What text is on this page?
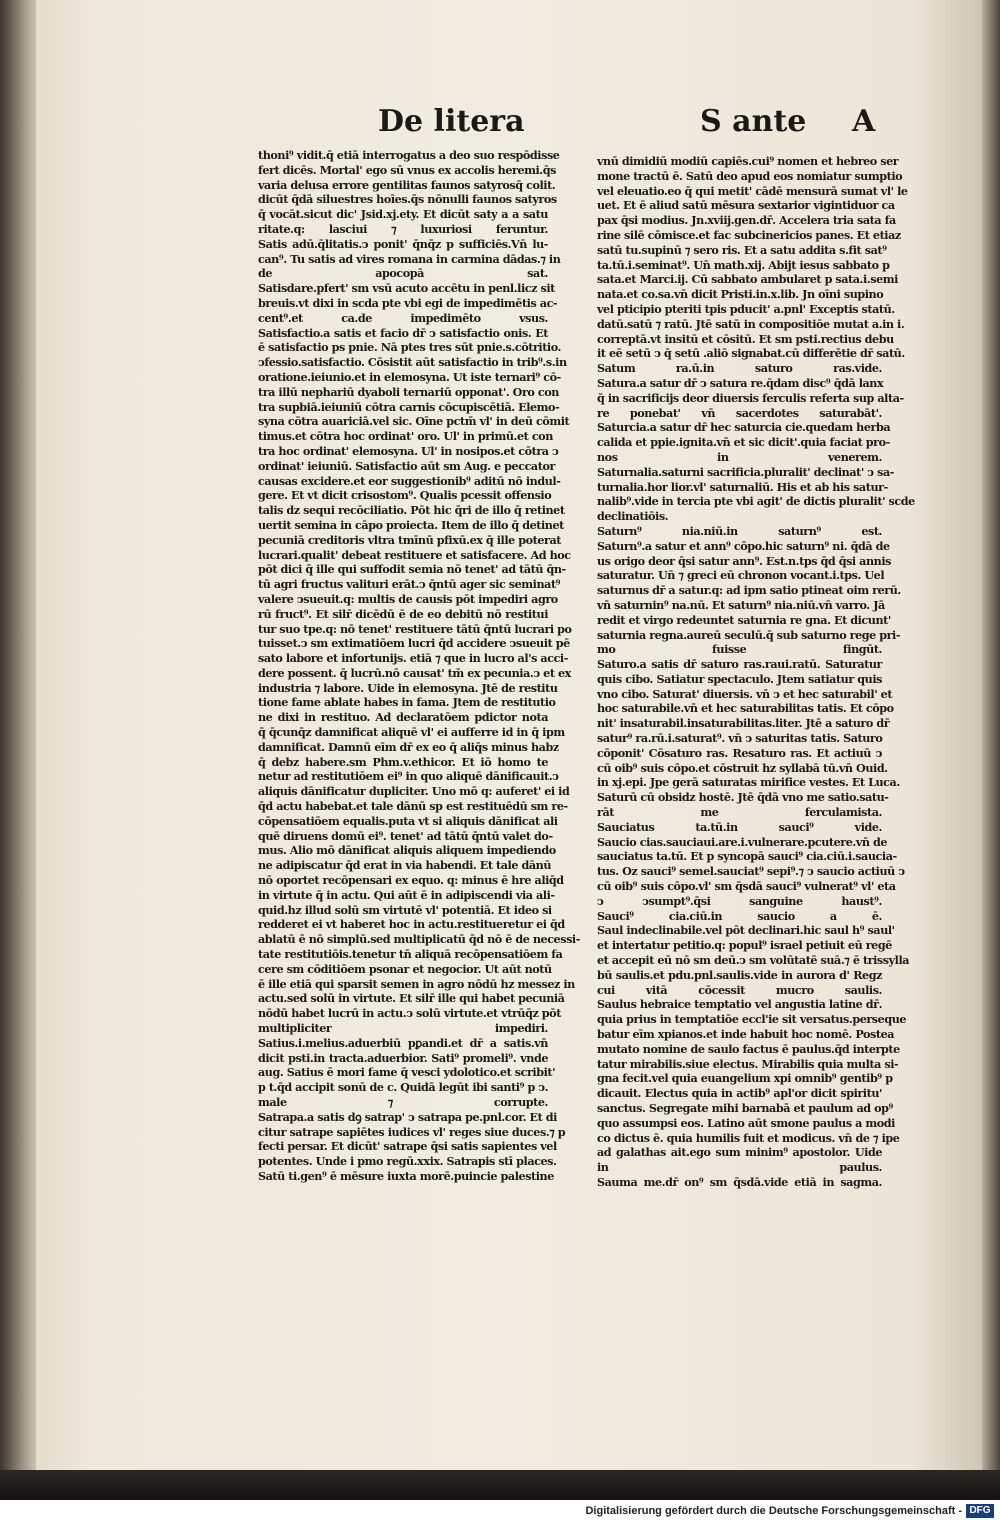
De litera	S ante A
thoni⁹ vidit.q̄ etiā interrogatus a deo suo respōdisse
fert dicēs. Mortal' ego sū vnus ex accolis heremi.q̄s
varia delusa errore gentilitas faunos satyrosq̄ colit.
dicūt q̄dā siluestres hoīes.q̄s nōnulli faunos satyros
q̄ vocāt.sicut dic' Jsid.xj.ety. Et dicūt saty a a satu
ritate.q: lasciui ⁊ luxuriosi feruntur.
Satis adū.q̄litatis.ↄ ponit' q̄nq̄z p sufficiēs.Vn̄ lu-
can⁹. Tu satis ad vires romana in carmina dādas.⁊ in
de apocopā sat.
Satisdare.pfert' sm vsū acuto accētu in penl.licz sit
breuis.vt dixi in scda pte vbi egi de impedimētis ac-
cent⁹.et ca.de impedimēto vsus.
Satisfactio.a satis et facio dr̄ ↄ satisfactio onis. Et
ē satisfactio ps pnie. Nā ptes tres sūt pnie.s.cōtritio.
ↄfessio.satisfactio. Cōsistit aūt satisfactio in trib⁹.s.in
oratione.ieiunio.et in elemosyna. Ut iste ternari⁹ cō-
tra illū nephariū dyaboli ternariū opponat'. Oro con
tra supbiā.ieiuniū cōtra carnis cōcupiscētiā. Elemo-
syna cōtra auariciā.vel sic. Oīne pctm̄ vl' in deū cōmit
timus.et cōtra hoc ordinat' oro. Ul' in primū.et con
tra hoc ordinat' elemosyna. Ul' in nosipos.et cōtra ↄ
ordinat' ieiuniū. Satisfactio aūt sm Aug. e peccator
causas excidere.et eor suggestionib⁹ aditū nō indul-
gere. Et vt dicit crisostom⁹. Qualis pcessit offensio
talis dz sequi recōciliatio. Pōt hic q̄ri de illo q̄ retinet
uertit semina in cāpo proiecta. Item de illo q̄ detinet
pecuniā creditoris vltra tmīnū pfixū.ex q̄ ille poterat
lucrari.qualit' debeat restituere et satisfacere. Ad hoc
pōt dici q̄ ille qui suffodit semia nō tenet' ad tātū q̄n-
tū agri fructus valituri erāt.ↄ q̄ntū ager sic seminat⁹
valere ↄsueuit.q: multis de causis pōt impediri agro
rū fruct⁹. Et silr̄ dicēdū ē de eo debitū nō restitui
tur suo tpe.q: nō tenet' restituere tātū q̄ntū lucrari po
tuisset.ↄ sm extimatiōem lucri q̄d accidere ↄsueuit pē
sato labore et infortunijs. etiā ⁊ que in lucro al's acci-
dere possent. q̄ lucrū.nō causat' tm̄ ex pecunia.ↄ et ex
industria ⁊ labore. Uide in elemosyna. Jtē de restitu
tione fame ablate habes in fama. Jtem de restitutio
ne dixi in restituo. Ad declaratōem pdictor nota
q̄ q̄cunq̄z damnificat aliquē vl' ei aufferre id in q̄ ipm
damnificat. Damnū eīm dr̄ ex eo q̄ aliq̄s minus habz
q̄ debz habere.sm Phm.v.ethicor. Et iō homo te
netur ad restitutiōem ei⁹ in quo aliquē dānificauit.ↄ
aliquis dānificatur dupliciter. Uno mō q: auferet' ei id
q̄d actu habebat.et tale dānū sp est restituēdū sm re-
cōpensatiōem equalis.puta vt si aliquis dānificat ali
quē diruens domū ei⁹. tenet' ad tātū q̄ntū valet do-
mus. Alio mō dānificat aliquis aliquem impediendo
ne adipiscatur q̄d erat in via habendi. Et tale dānū
nō oportet recōpensari ex equo. q: minus ē hre aliq̄d
in virtute q̄ in actu. Qui aūt ē in adipiscendi via ali-
quid.hz illud solū sm virtutē vl' potentiā. Et ideo si
redderet ei vt haberet hoc in actu.restitueretur ei q̄d
ablatū ē nō simplū.sed multiplicatū q̄d nō ē de necessi-
tate restitutiōis.tenetur tn̄ aliquā recōpensatiōem fa
cere sm cōditiōem psonar et negocior. Ut aūt notū
ē ille etiā qui sparsit semen in agro nōdū hz messez in
actu.sed solū in virtute. Et silr̄ ille qui habet pecuniā
nōdū habet lucrū in actu.ↄ solū virtute.et vtrūq̄z pōt
multipliciter impediri.
Satius.i.melius.aduerbiū pꝑandi.et dr̄ a satis.vn̄
dicit psti.in tracta.aduerbior. Sati⁹ promeli⁹. vnde
aug. Satius ē mori fame q̄ vesci ydolotico.et scribit'
p t.q̄d accipit sonū de c. Quidā legūt ibi santi⁹ p ↄ.
male ⁊ corrupte.
Satrapa.a satis dꝯ satrap' ↄ satrapa pe.pnl.cor. Et di
citur satrape sapiētes iudices vl' reges siue duces.⁊ p
fecti persar. Et dicūt' satrape q̄si satis sapientes vel
potentes. Unde i pmo regū.xxix. Satrapis stī places.
Satū ti.gen⁹ ē mēsure iuxta morē.puincie palestine
vnū dimidiū modiū capiēs.cui⁹ nomen et hebreo ser
mone tractū ē. Satū deo apud eos nomiatur sumptio
vel eleuatio.eo q̄ qui metit' cādē mensurā sumat vl' le
uet. Et ē aliud satū mēsura sextarior vigintiduor ca
pax q̄si modius. Jn.xviij.gen.dr̄. Accelera tria sata fa
rine silē cōmisce.et fac subcinericios panes. Et etiaz
satū tu.supinū ⁊ sero ris. Et a satu addita s.fit sat⁹
ta.tū.i.seminat⁹. Un̄ math.xij. Abijt iesus sabbato p
sata.et Marci.ij. Cū sabbato ambularet p sata.i.semi
nata.et co.sa.vn̄ dicit Pristi.in.x.lib. Jn oīni supino
vel pticipio pteriti tpis pducit' a.pnl' Exceptis statū.
datū.satū ⁊ ratū. Jtē satū in compositiōe mutat a.in i.
correptā.vt insitū et cōsitū. Et sm psti.rectius debu
it eē setū ↄ q̄ setū .aliō signabat.cū differētie dr̄ satū.
Satum ra.ū.in saturo ras.vide.
Satura.a satur dr̄ ↄ satura re.q̄dam disc⁹ q̄dā lanx
q̄ in sacrificijs deor diuersis ferculis referta sup alta-
re ponebat' vn̄ sacerdotes saturabāt'.
Saturcia.a satur dr̄ hec saturcia cie.quedam herba
calida et ppie.ignita.vn̄ et sic dicit'.quia faciat pro-
nos in venerem.
Saturnalia.saturni sacrificia.pluralit' declinat' ↄ sa-
turnalia.hor lior.vl' saturnaliū. His et ab his satur-
nalib⁹.vide in tercia pte vbi agit' de dictis pluralit' scde
declinatiōis.
Saturn⁹ nia.niū.in saturn⁹ est.
Saturn⁹.a satur et ann⁹ cōpo.hic saturn⁹ ni. q̄dā de
us origo deor q̄si satur ann⁹. Est.n.tps q̄d q̄si annis
saturatur. Un̄ ⁊ greci eū chronon vocant.i.tps. Uel
saturnus dr̄ a satur.q: ad ipm satio ptineat oim rerū.
vn̄ saturnin⁹ na.nū. Et saturn⁹ nia.niū.vn̄ varro. Jā
redit et virgo redeuntet saturnia re gna. Et dicunt'
saturnia regna.aureū seculū.q̄ sub saturno rege pri-
mo fuisse fingūt.
Saturo.a satis dr̄ saturo ras.raui.ratū. Saturatur
quis cibo. Satiatur spectaculo. Jtem satiatur quis
vno cibo. Saturat' diuersis. vn̄ ↄ et hec saturabil' et
hoc saturabile.vn̄ et hec saturabilitas tatis. Et cōpo
nit' insaturabil.insaturabilitas.liter. Jtē a saturo dr̄
satur⁹ ra.rū.i.saturat⁹. vn̄ ↄ saturitas tatis. Saturo
cōponit' Cōsaturo ras. Resaturo ras. Et actiuū ↄ
cū oib⁹ suis cōpo.et cōstruit hz syllabā tū.vn̄ Ouid.
in xj.epi. Jpe gerā saturatas mirifice vestes. Et Luca.
Saturū cū obsidz hostē. Jtē q̄dā vno me satio.satu-
rāt me ferculamista.
Sauciatus ta.tū.in sauci⁹ vide.
Saucio cias.sauciaui.are.i.vulnerare.pcutere.vn̄ de
sauciatus ta.tū. Et p syncopā sauci⁹ cia.ciū.i.saucia-
tus. Oz sauci⁹ semel.sauciat⁹ sepi⁹.⁊ ↄ saucio actiuū ↄ
cū oib⁹ suis cōpo.vl' sm q̄sdā sauci⁹ vulnerat⁹ vl' eta
ↄ ↄsumpt⁹.q̄si sanguine haust⁹.
Sauci⁹ cia.ciū.in saucio a ē.
Saul indeclinabile.vel pōt declinari.hic saul h⁹ saul'
et intertatur petitio.q: popul⁹ israel petiuit eū regē
et accepit eū nō sm deū.ↄ sm volūtatē suā.⁊ ē trissylla
bū saulis.et pdu.pnl.saulis.vide in aurora d' Regz
cui vitā cōcessit mucro saulis.
Saulus hebraice temptatio vel angustia latine dr̄.
quia prius in temptatiōe eccl'ie sit versatus.perseque
batur eīm xpianos.et inde habuit hoc nomē. Postea
mutato nomine de saulo factus ē paulus.q̄d interpte
tatur mirabilis.siue electus. Mirabilis quia multa si-
gna fecit.vel quia euangelium xpi omnib⁹ gentib⁹ p
dicauit. Electus quia in actib⁹ apl'or dicit spiritu'
sanctus. Segregate mihi barnabā et paulum ad op⁹
quo assumpsi eos. Latino aūt smone paulus a modi
co dictus ē. quia humilis fuit et modicus. vn̄ de ⁊ ipe
ad galathas ait.ego sum minim⁹ apostolor. Uide
in paulus.
Sauma me.dr̄ on⁹ sm q̄sdā.vide etiā in sagma.
Digitalisierung gefördert durch die Deutsche Forschungsgemeinschaft - DFG
